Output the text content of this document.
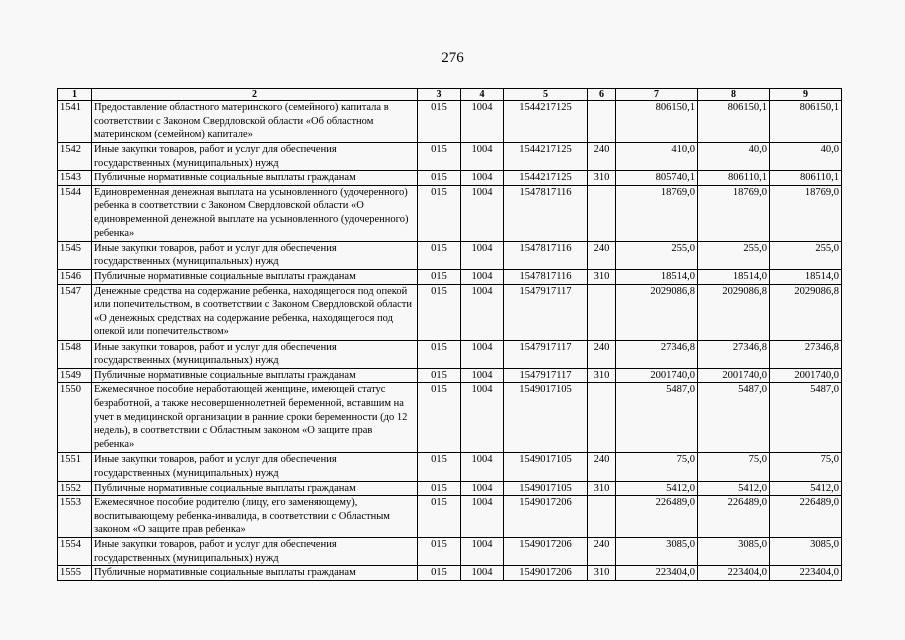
276
1	2	3	4	5	6	7	8	9
1541	Предоставление областного материнского (семейного) капитала в соответствии с Законом Свердловской области «Об областном материнском (семейном) капитале»	015	1004	1544217125		806150,1	806150,1	806150,1
1542	Иные закупки товаров, работ и услуг для обеспечения государственных (муниципальных) нужд	015	1004	1544217125	240	410,0	40,0	40,0
1543	Публичные нормативные социальные выплаты гражданам	015	1004	1544217125	310	805740,1	806110,1	806110,1
1544	Единовременная денежная выплата на усыновленного (удочеренного) ребенка в соответствии с Законом Свердловской области «О единовременной денежной выплате на усыновленного (удочеренного) ребенка»	015	1004	1547817116		18769,0	18769,0	18769,0
1545	Иные закупки товаров, работ и услуг для обеспечения государственных (муниципальных) нужд	015	1004	1547817116	240	255,0	255,0	255,0
1546	Публичные нормативные социальные выплаты гражданам	015	1004	1547817116	310	18514,0	18514,0	18514,0
1547	Денежные средства на содержание ребенка, находящегося под опекой или попечительством, в соответствии с Законом Свердловской области «О денежных средствах на содержание ребенка, находящегося под опекой или попечительством»	015	1004	1547917117		2029086,8	2029086,8	2029086,8
1548	Иные закупки товаров, работ и услуг для обеспечения государственных (муниципальных) нужд	015	1004	1547917117	240	27346,8	27346,8	27346,8
1549	Публичные нормативные социальные выплаты гражданам	015	1004	1547917117	310	2001740,0	2001740,0	2001740,0
1550	Ежемесячное пособие неработающей женщине, имеющей статус безработной, а также несовершеннолетней беременной, вставшим на учет в медицинской организации в ранние сроки беременности (до 12 недель), в соответствии с Областным законом «О защите прав ребенка»	015	1004	1549017105		5487,0	5487,0	5487,0
1551	Иные закупки товаров, работ и услуг для обеспечения государственных (муниципальных) нужд	015	1004	1549017105	240	75,0	75,0	75,0
1552	Публичные нормативные социальные выплаты гражданам	015	1004	1549017105	310	5412,0	5412,0	5412,0
1553	Ежемесячное пособие родителю (лицу, его заменяющему), воспитывающему ребенка-инвалида, в соответствии с Областным законом «О защите прав ребенка»	015	1004	1549017206		226489,0	226489,0	226489,0
1554	Иные закупки товаров, работ и услуг для обеспечения государственных (муниципальных) нужд	015	1004	1549017206	240	3085,0	3085,0	3085,0
1555	Публичные нормативные социальные выплаты гражданам	015	1004	1549017206	310	223404,0	223404,0	223404,0
